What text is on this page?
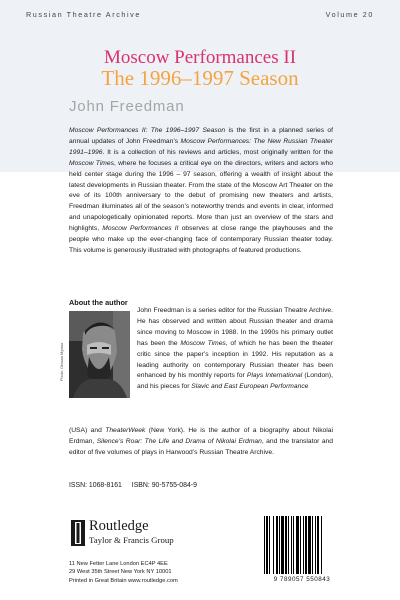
Russian Theatre Archive	Volume 20
Moscow Performances II
The 1996–1997 Season
John Freedman
Moscow Performances II: The 1996–1997 Season is the first in a planned series of annual updates of John Freedman’s Moscow Performances: The New Russian Theater 1991–1996. It is a collection of his reviews and articles, most originally written for the Moscow Times, where he focuses a critical eye on the directors, writers and actors who held center stage during the 1996 – 97 season, offering a wealth of insight about the latest developments in Russian theater. From the state of the Moscow Art Theater on the eve of its 100th anniversary to the debut of promising new theaters and artists, Freedman illuminates all of the season’s noteworthy trends and events in clear, informed and unapologetically opinionated reports. More than just an overview of the stars and highlights, Moscow Performances II observes at close range the playhouses and the people who make up the ever-changing face of contemporary Russian theater today. This volume is generously illustrated with photographs of featured productions.
About the author
Photo: Oksana Mysina
John Freedman is a series editor for the Russian Theatre Archive. He has observed and written about Russian theater and drama since moving to Moscow in 1988. In the 1990s his primary outlet has been the Moscow Times, of which he has been the theater critic since the paper’s inception in 1992. His reputation as a leading authority on contemporary Russian theater has been enhanced by his monthly reports for Plays International (London), and his pieces for Slavic and East European Performance
(USA) and TheaterWeek (New York). He is the author of a biography about Nikolai Erdman, Silence’s Roar: The Life and Drama of Nikolai Erdman, and the translator and editor of five volumes of plays in Harwood’s Russian Theatre Archive.
ISSN: 1068-8161 ISBN: 90-5755-084-9
Routledge
Taylor & Francis Group
11 New Fetter Lane London EC4P 4EE
29 West 35th Street New York NY 10001
Printed in Great Britain www.routledge.com	9 789057 550843
